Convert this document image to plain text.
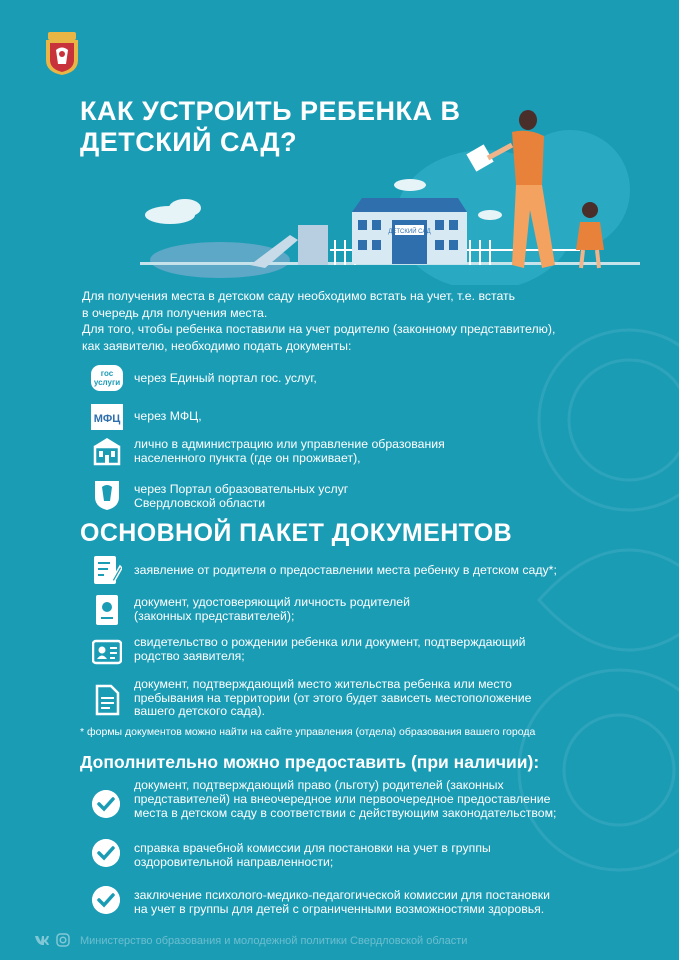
КАК УСТРОИТЬ РЕБЕНКА В ДЕТСКИЙ САД?
ДЕТСКИЙ САД
Для получения места в детском саду необходимо встать на учет, т.е. встать
в очередь для получения места.
Для того, чтобы ребенка поставили на учет родителю (законному представителю),
как заявителю, необходимо подать документы:
гос
услуги через Единый портал гос. услуг,
МФЦ через МФЦ,
лично в администрацию или управление образования
населенного пункта (где он проживает),
через Портал образовательных услуг
Свердловской области
ОСНОВНОЙ ПАКЕТ ДОКУМЕНТОВ
заявление от родителя о предоставлении места ребенку в детском саду*;
документ, удостоверяющий личность родителей
(законных представителей);
свидетельство о рождении ребенка или документ, подтверждающий
родство заявителя;
документ, подтверждающий место жительства ребенка или место
пребывания на территории (от этого будет зависеть местоположение
вашего детского сада).
* формы документов можно найти на сайте управления (отдела) образования вашего города
Дополнительно можно предоставить (при наличии):
документ, подтверждающий право (льготу) родителей (законных
представителей) на внеочередное или первоочередное предоставление
места в детском саду в соответствии с действующим законодательством;
справка врачебной комиссии для постановки на учет в группы
оздоровительной направленности;
заключение психолого-медико-педагогической комиссии для постановки
на учет в группы для детей с ограниченными возможностями здоровья.
Министерство образования и молодежной политики Свердловской области
